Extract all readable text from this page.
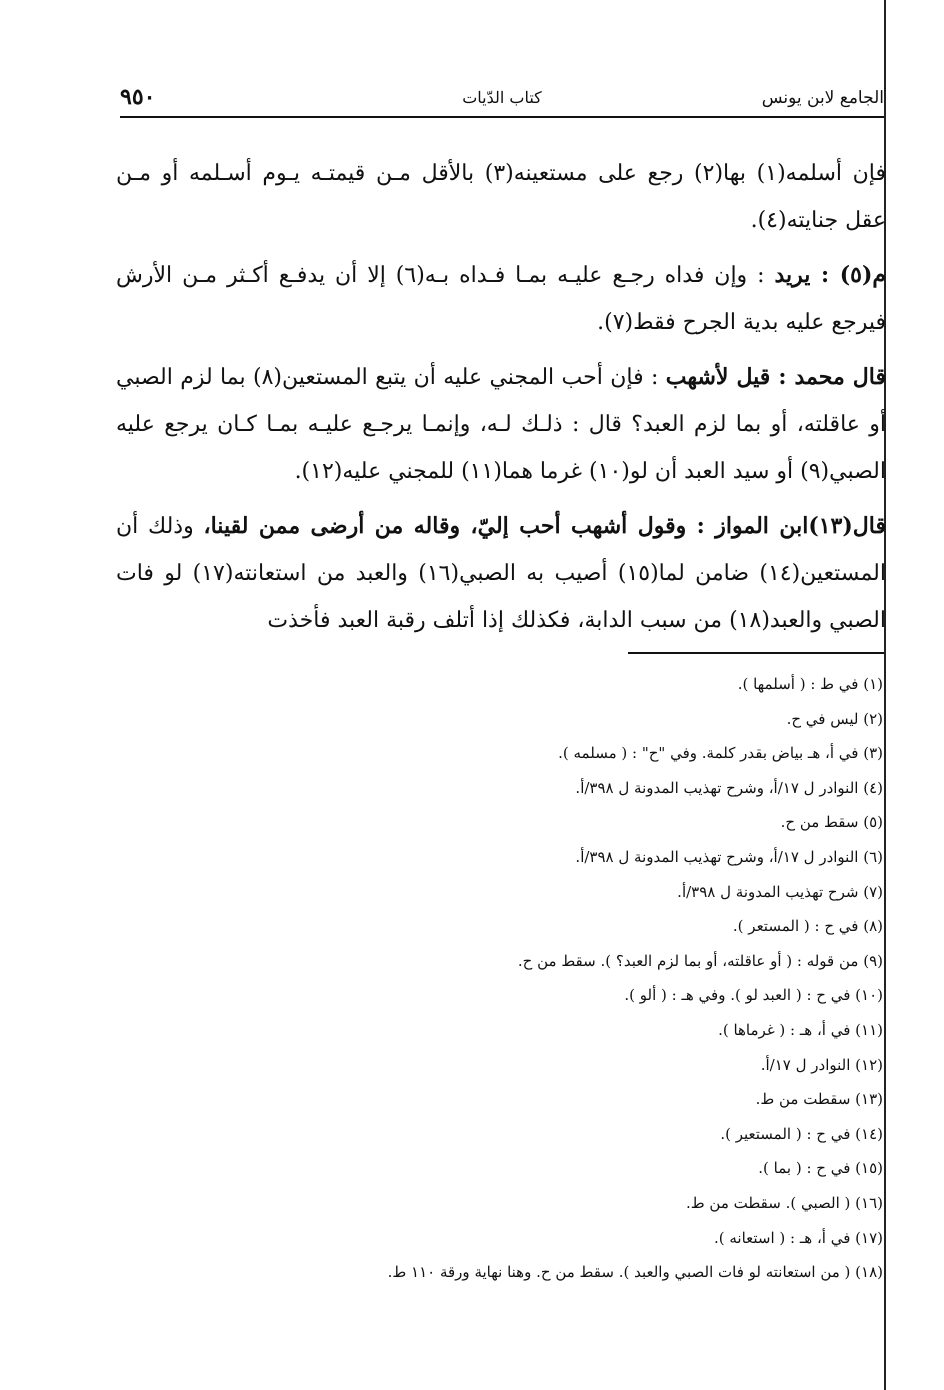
الجامع لابن يونس
كتاب الدّيات
٩٥٠

فإن أسلمه(١) بها(٢) رجع على مستعينه(٣) بالأقل مـن قيمتـه يـوم أسـلمه أو مـن عقل جنايته(٤).

م(٥) : يريد : وإن فداه رجـع عليـه بمـا فـداه بـه(٦) إلا أن يدفـع أكـثر مـن الأرش فيرجع عليه بدية الجرح فقط(٧).

قال محمد : قيل لأشهب : فإن أحب المجني عليه أن يتبع المستعين(٨) بما لزم الصبي أو عاقلته، أو بما لزم العبد؟ قال : ذلـك لـه، وإنمـا يرجـع عليـه بمـا كـان يرجع عليه الصبي(٩) أو سيد العبد أن لو(١٠) غرما هما(١١) للمجني عليه(١٢).

قال(١٣)ابن المواز : وقول أشهب أحب إليّ، وقاله من أرضى ممن لقينا، وذلك أن المستعين(١٤) ضامن لما(١٥) أصيب به الصبي(١٦) والعبد من استعانته(١٧) لو فات الصبي والعبد(١٨) من سبب الدابة، فكذلك إذا أتلف رقبة العبد فأخذت

(١) في ط : ( أسلمها ).
(٢) ليس في ح.
(٣) في أ، هـ بياض بقدر كلمة. وفي "ح" : ( مسلمه ).
(٤) النوادر ل ١٧/أ، وشرح تهذيب المدونة ل ٣٩٨/أ.
(٥) سقط من ح.
(٦) النوادر ل ١٧/أ، وشرح تهذيب المدونة ل ٣٩٨/أ.
(٧) شرح تهذيب المدونة ل ٣٩٨/أ.
(٨) في ح : ( المستعر ).
(٩) من قوله : ( أو عاقلته، أو بما لزم العبد؟ ). سقط من ح.
(١٠) في ح : ( العبد لو ). وفي هـ : ( ألو ).
(١١) في أ، هـ : ( غرماها ).
(١٢) النوادر ل ١٧/أ.
(١٣) سقطت من ط.
(١٤) في ح : ( المستعير ).
(١٥) في ح : ( بما ).
(١٦) ( الصبي ). سقطت من ط.
(١٧) في أ، هـ : ( استعانه ).
(١٨) ( من استعانته لو فات الصبي والعبد ). سقط من ح. وهنا نهاية ورقة ١١٠ ط.
